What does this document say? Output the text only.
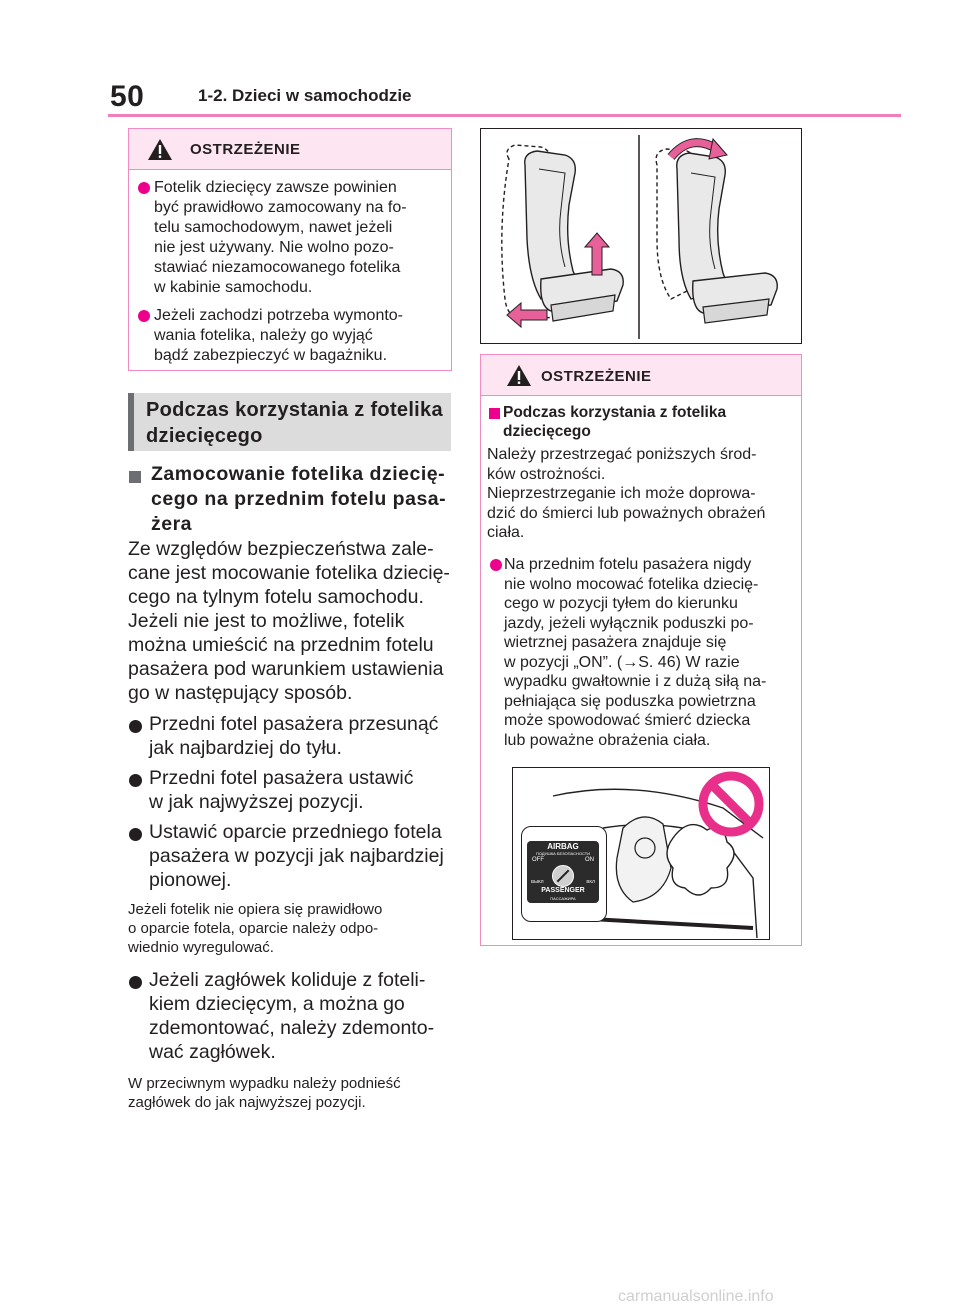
50	1-2. Dzieci w samochodzie
OSTRZEŻENIE
Fotelik dziecięcy zawsze powinien
być prawidłowo zamocowany na fo-
telu samochodowym, nawet jeżeli
nie jest używany. Nie wolno pozo-
stawiać niezamocowanego fotelika
w kabinie samochodu.
Jeżeli zachodzi potrzeba wymonto-
wania fotelika, należy go wyjąć
bądź zabezpieczyć w bagażniku.
Podczas korzystania z fotelika
dziecięcego
Zamocowanie fotelika dziecię-
cego na przednim fotelu pasa-
żera
Ze względów bezpieczeństwa zale-
cane jest mocowanie fotelika dziecię-
cego na tylnym fotelu samochodu.
Jeżeli nie jest to możliwe, fotelik
można umieścić na przednim fotelu
pasażera pod warunkiem ustawienia
go w następujący sposób.
Przedni fotel pasażera przesunąć
jak najbardziej do tyłu.
Przedni fotel pasażera ustawić
w jak najwyższej pozycji.
Ustawić oparcie przedniego fotela
pasażera w pozycji jak najbardziej
pionowej.
Jeżeli fotelik nie opiera się prawidłowo
o oparcie fotela, oparcie należy odpo-
wiednio wyregulować.
Jeżeli zagłówek koliduje z foteli-
kiem dziecięcym, a można go
zdemontować, należy zdemonto-
wać zagłówek.
W przeciwnym wypadku należy podnieść
zagłówek do jak najwyższej pozycji.
OSTRZEŻENIE
Podczas korzystania z fotelika
dziecięcego
Należy przestrzegać poniższych środ-
ków ostrożności.
Nieprzestrzeganie ich może doprowa-
dzić do śmierci lub poważnych obrażeń
ciała.
Na przednim fotelu pasażera nigdy
nie wolno mocować fotelika dziecię-
cego w pozycji tyłem do kierunku
jazdy, jeżeli wyłącznik poduszki po-
wietrznej pasażera znajduje się
w pozycji „ON”. (→S. 46) W razie
wypadku gwałtownie i z dużą siłą na-
pełniająca się poduszka powietrzna
może spowodować śmierć dziecka
lub poważne obrażenia ciała.
AIRBAG
ПОДУШКА БЕЗОПАСНОСТИ
OFF	ON
ВЫКЛ	ВКЛ
PASSENGER
ПАССАЖИРА
carmanualsonline.info
